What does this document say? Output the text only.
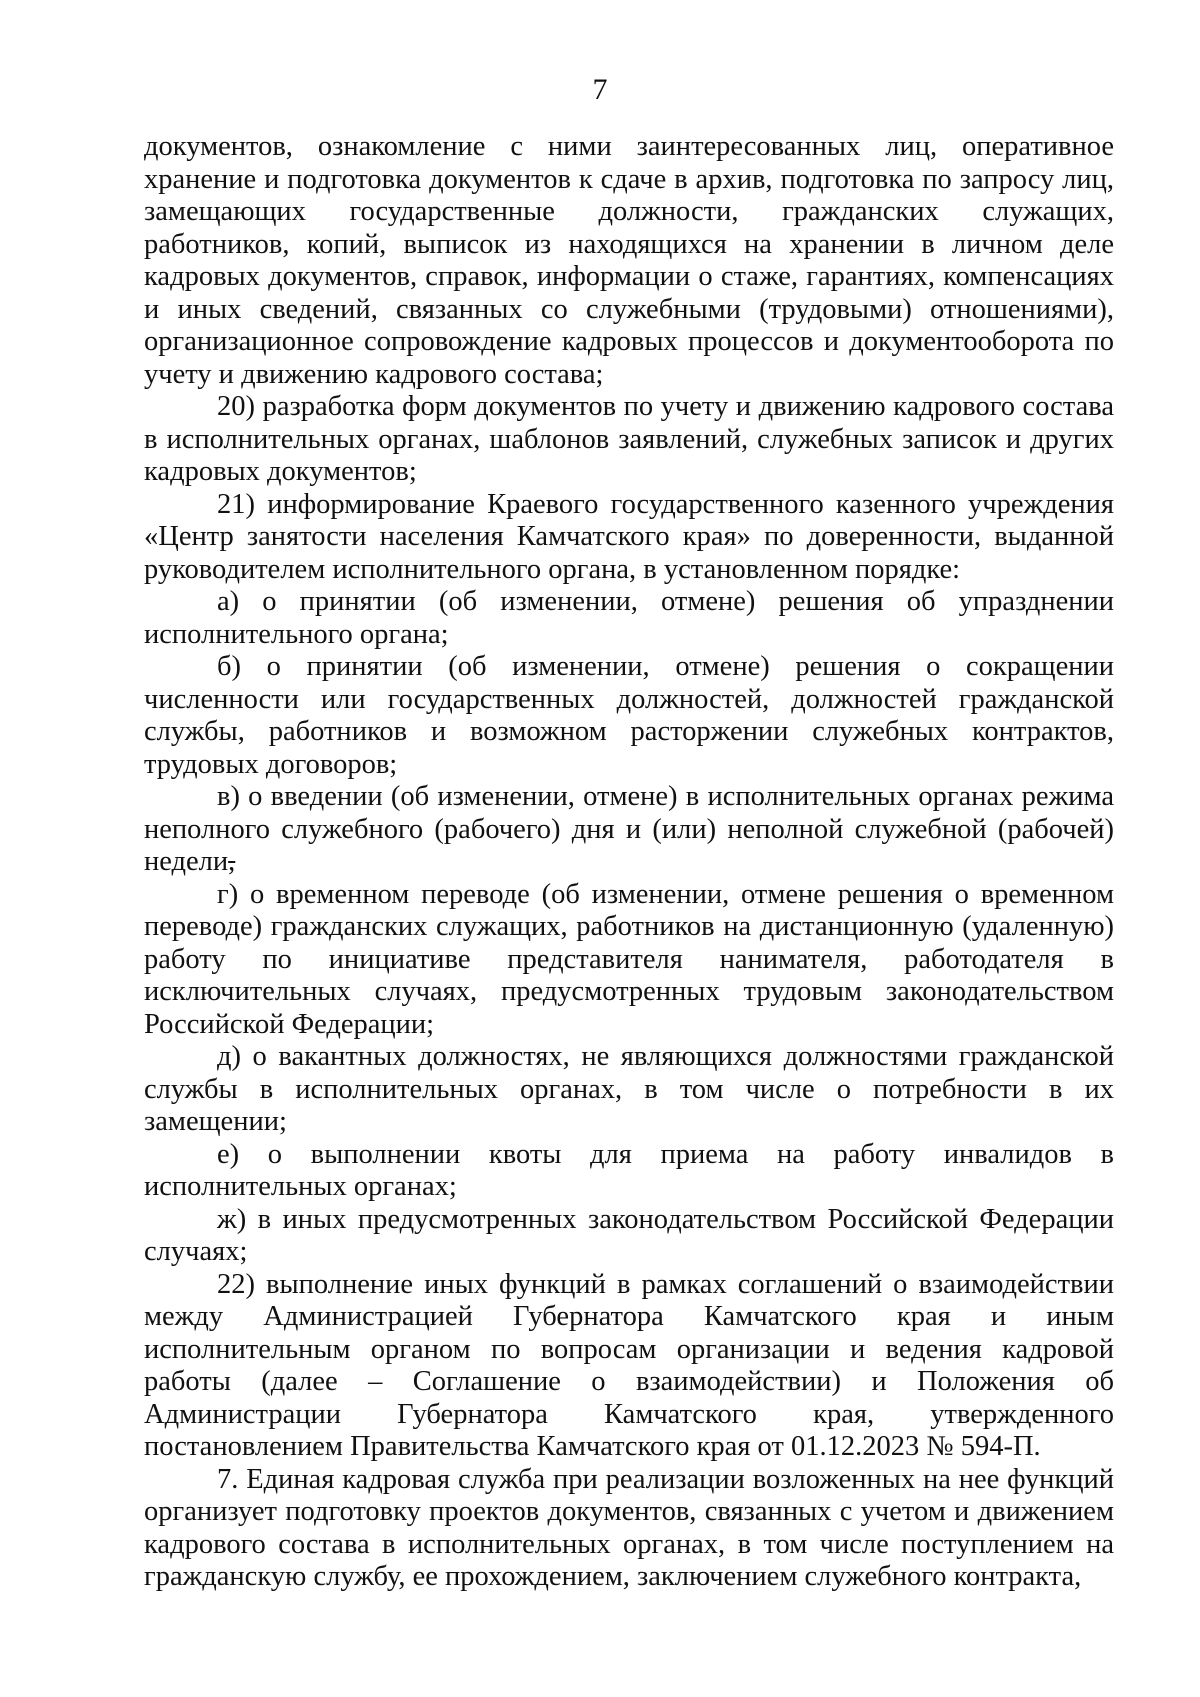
7

документов, ознакомление с ними заинтересованных лиц, оперативное хранение и подготовка документов к сдаче в архив, подготовка по запросу лиц, замещающих государственные должности, гражданских служащих, работников, копий, выписок из находящихся на хранении в личном деле кадровых документов, справок, информации о стаже, гарантиях, компенсациях и иных сведений, связанных со служебными (трудовыми) отношениями), организационное сопровождение кадровых процессов и документооборота по учету и движению кадрового состава;

20) разработка форм документов по учету и движению кадрового состава в исполнительных органах, шаблонов заявлений, служебных записок и других кадровых документов;

21) информирование Краевого государственного казенного учреждения «Центр занятости населения Камчатского края» по доверенности, выданной руководителем исполнительного органа, в установленном порядке:

а) о принятии (об изменении, отмене) решения об упразднении исполнительного органа;

б) о принятии (об изменении, отмене) решения о сокращении численности или государственных должностей, должностей гражданской службы, работников и возможном расторжении служебных контрактов, трудовых договоров;

в) о введении (об изменении, отмене) в исполнительных органах режима неполного служебного (рабочего) дня и (или) неполной служебной (рабочей) недели,

г) о временном переводе (об изменении, отмене решения о временном переводе) гражданских служащих, работников на дистанционную (удаленную) работу по инициативе представителя нанимателя, работодателя в исключительных случаях, предусмотренных трудовым законодательством Российской Федерации;

д) о вакантных должностях, не являющихся должностями гражданской службы в исполнительных органах, в том числе о потребности в их замещении;

е) о выполнении квоты для приема на работу инвалидов в исполнительных органах;

ж) в иных предусмотренных законодательством Российской Федерации случаях;

22) выполнение иных функций в рамках соглашений о взаимодействии между Администрацией Губернатора Камчатского края и иным исполнительным органом по вопросам организации и ведения кадровой работы (далее – Соглашение о взаимодействии) и Положения об Администрации Губернатора Камчатского края, утвержденного постановлением Правительства Камчатского края от 01.12.2023 № 594-П.

7. Единая кадровая служба при реализации возложенных на нее функций организует подготовку проектов документов, связанных с учетом и движением кадрового состава в исполнительных органах, в том числе поступлением на гражданскую службу, ее прохождением, заключением служебного контракта,
